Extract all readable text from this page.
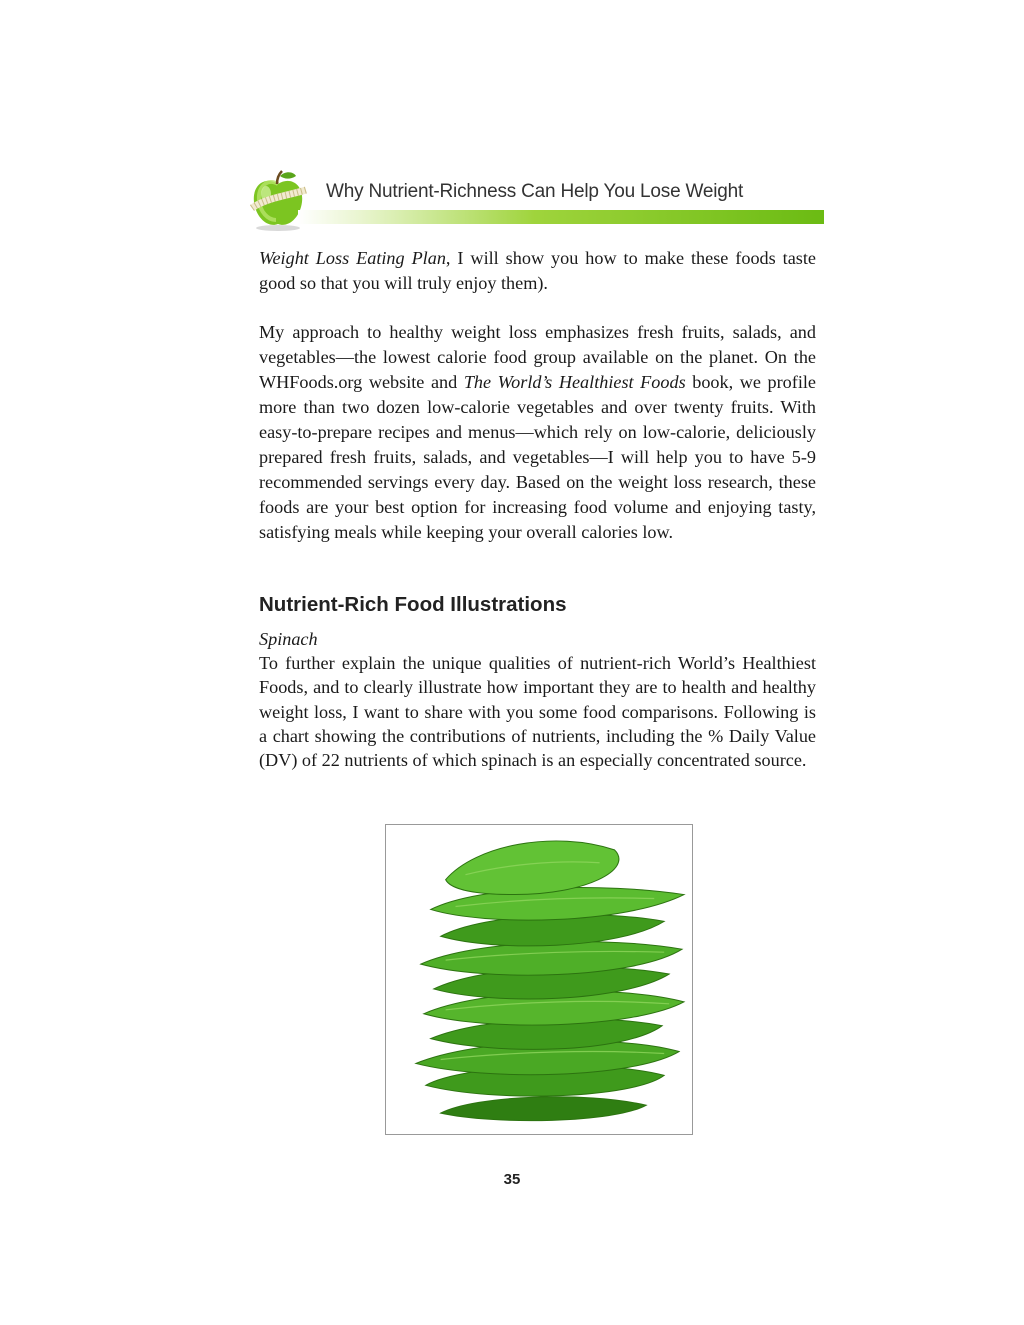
Why Nutrient-Richness Can Help You Lose Weight

Weight Loss Eating Plan, I will show you how to make these foods taste good so that you will truly enjoy them).

My approach to healthy weight loss emphasizes fresh fruits, salads, and vegetables—the lowest calorie food group available on the planet. On the WHFoods.org website and The World’s Healthiest Foods book, we profile more than two dozen low-calorie vegetables and over twenty fruits. With easy-to-prepare recipes and menus—which rely on low-calorie, deliciously prepared fresh fruits, salads, and vegetables—I will help you to have 5-9 recommended servings every day. Based on the weight loss research, these foods are your best option for increasing food volume and enjoying tasty, satisfying meals while keeping your overall calories low.

Nutrient-Rich Food Illustrations
Spinach
To further explain the unique qualities of nutrient-rich World’s Healthiest Foods, and to clearly illustrate how important they are to health and healthy weight loss, I want to share with you some food comparisons. Following is a chart showing the contributions of nutrients, including the % Daily Value (DV) of 22 nutrients of which spinach is an especially concentrated source.
35
